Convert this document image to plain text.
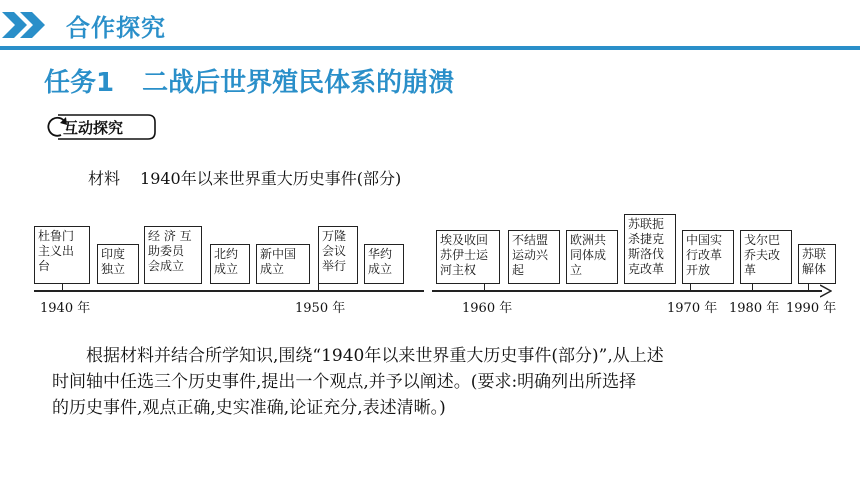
合作探究
任务1 二战后世界殖民体系的崩溃
互动探究
材料 1940年以来世界重大历史事件(部分)
杜鲁门
主义出
台
印度
独立
经 济 互
助委员
会成立
北约
成立
新中国
成立
万隆
会议
举行
华约
成立
埃及收回
苏伊士运
河主权
不结盟
运动兴
起
欧洲共
同体成
立
苏联扼
杀捷克
斯洛伐
克改革
中国实
行改革
开放
戈尔巴
乔夫改
革
苏联
解体
1940 年	1950 年	1960 年	1970 年 1980 年 1990 年
根据材料并结合所学知识,围绕“1940年以来世界重大历史事件(部分)”,从上述
时间轴中任选三个历史事件,提出一个观点,并予以阐述。(要求:明确列出所选择
的历史事件,观点正确,史实准确,论证充分,表述清晰。)
